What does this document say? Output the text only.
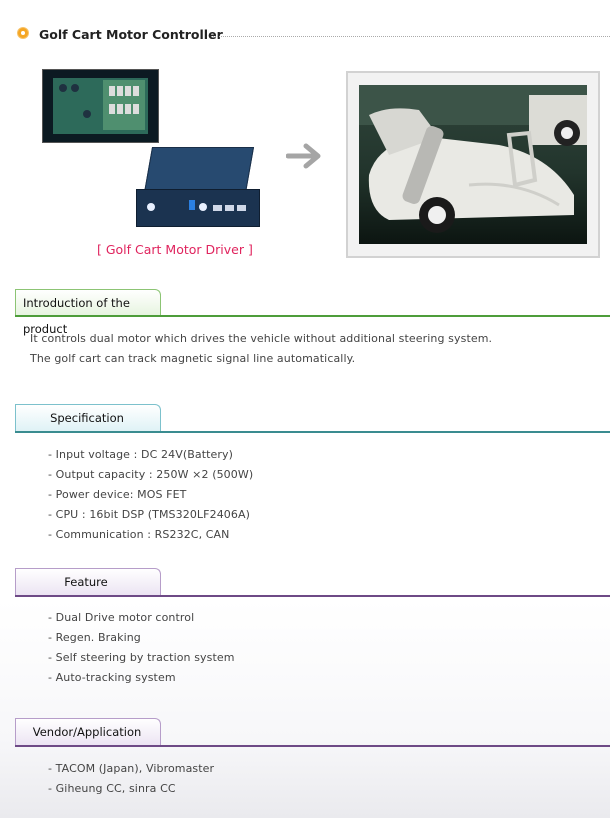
Golf Cart Motor Controller
[ Golf Cart Motor Driver ]
Introduction of the product
It controls dual motor which drives the vehicle without additional steering system.
The golf cart can track magnetic signal line automatically.
Specification
- Input voltage : DC 24V(Battery)
- Output capacity : 250W ×2 (500W)
- Power device: MOS FET
- CPU : 16bit DSP (TMS320LF2406A)
- Communication : RS232C, CAN
Feature
- Dual Drive motor control
- Regen. Braking
- Self steering by traction system
- Auto-tracking system
Vendor/Application
- TACOM (Japan), Vibromaster
- Giheung CC, sinra CC
